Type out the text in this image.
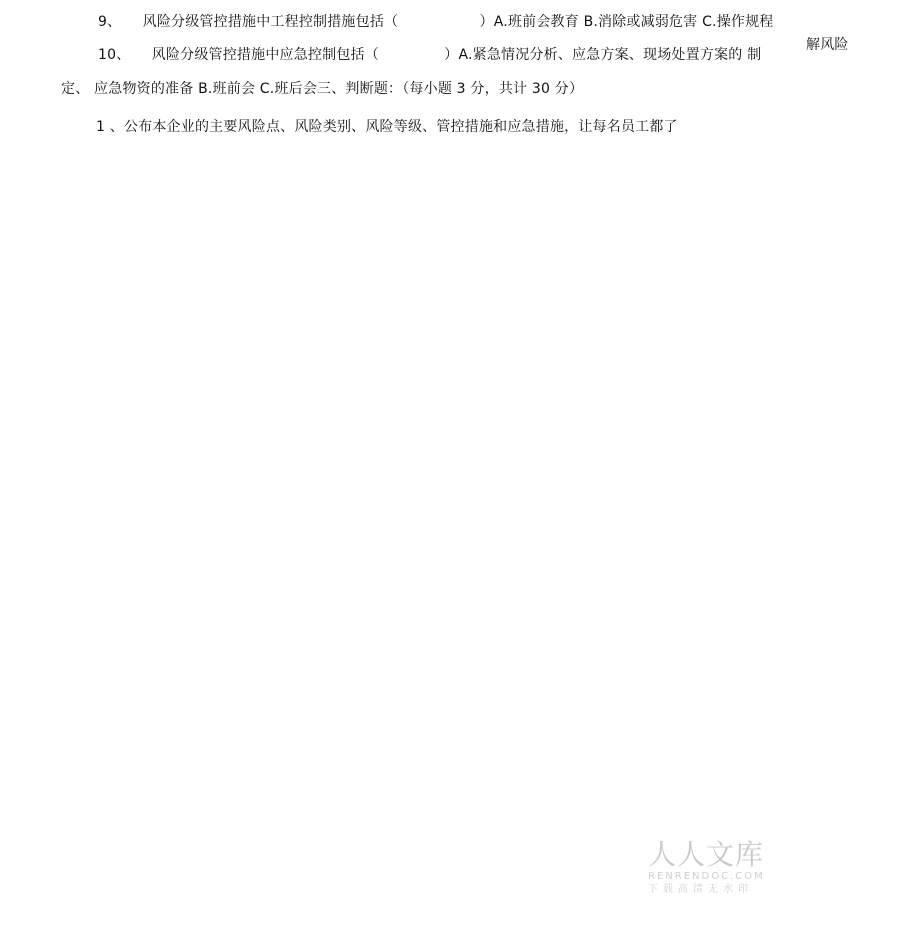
9、 风险分级管控措施中工程控制措施包括（	）A.班前会教育 B.消除或减弱危害 C.操作规程
10、 风险分级管控措施中应急控制包括（	）A.紧急情况分析、应急方案、现场处置方案的 制
解风险
定、 应急物资的准备 B.班前会 C.班后会三、判断题：（每小题 3 分，共计 30 分）
1 、公布本企业的主要风险点、风险类别、风险等级、管控措施和应急措施，让每名员工都了
人人文库
RENRENDOC.COM
下载高清无水印
